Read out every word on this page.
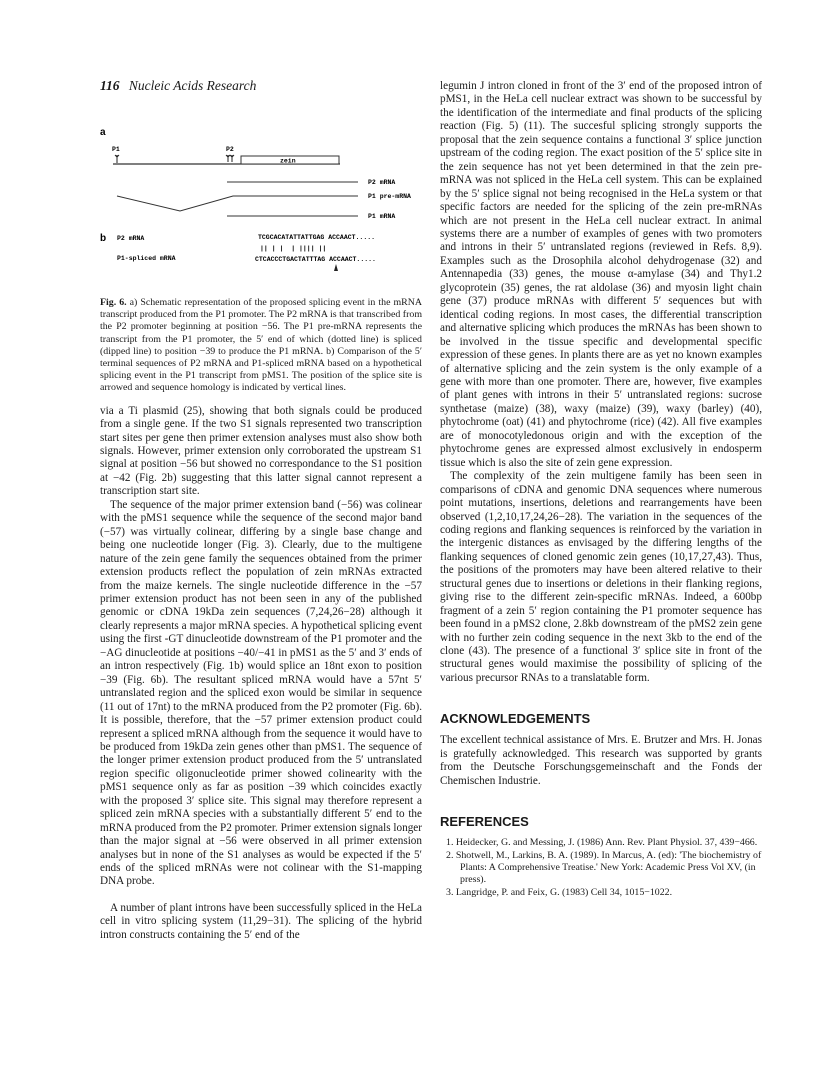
116 Nucleic Acids Research
a
P1	P2
zein
P2 mRNA
P1 pre-mRNA
P1 mRNA
b P2 mRNA
P1-spliced mRNA
TCGCACATATTATTGAG ACCAACT.....
|| | |  | |||| ||
CTCACCCTGACTATTTAG ACCAACT.....

Fig. 6. a) Schematic representation of the proposed splicing event in the mRNA transcript produced from the P1 promoter. The P2 mRNA is that transcribed from the P2 promoter beginning at position −56. The P1 pre-mRNA represents the transcript from the P1 promoter, the 5′ end of which (dotted line) is spliced (dipped line) to position −39 to produce the P1 mRNA. b) Comparison of the 5′ terminal sequences of P2 mRNA and P1-spliced mRNA based on a hypothetical splicing event in the P1 transcript from pMS1. The position of the splice site is arrowed and sequence homology is indicated by vertical lines.

via a Ti plasmid (25), showing that both signals could be produced from a single gene. If the two S1 signals represented two transcription start sites per gene then primer extension analyses must also show both signals. However, primer extension only corroborated the upstream S1 signal at position −56 but showed no correspondance to the S1 position at −42 (Fig. 2b) suggesting that this latter signal cannot represent a transcription start site.

The sequence of the major primer extension band (−56) was colinear with the pMS1 sequence while the sequence of the second major band (−57) was virtually colinear, differing by a single base change and being one nucleotide longer (Fig. 3). Clearly, due to the multigene nature of the zein gene family the sequences obtained from the primer extension products reflect the population of zein mRNAs extracted from the maize kernels. The single nucleotide difference in the −57 primer extension product has not been seen in any of the published genomic or cDNA 19kDa zein sequences (7,24,26−28) although it clearly represents a major mRNA species. A hypothetical splicing event using the first -GT dinucleotide downstream of the P1 promoter and the −AG dinucleotide at positions −40/−41 in pMS1 as the 5′ and 3′ ends of an intron respectively (Fig. 1b) would splice an 18nt exon to position −39 (Fig. 6b). The resultant spliced mRNA would have a 57nt 5′ untranslated region and the spliced exon would be similar in sequence (11 out of 17nt) to the mRNA produced from the P2 promoter (Fig. 6b). It is possible, therefore, that the −57 primer extension product could represent a spliced mRNA although from the sequence it would have to be produced from 19kDa zein genes other than pMS1. The sequence of the longer primer extension product produced from the 5′ untranslated region specific oligonucleotide primer showed colinearity with the pMS1 sequence only as far as position −39 which coincides exactly with the proposed 3′ splice site. This signal may therefore represent a spliced zein mRNA species with a substantially different 5′ end to the mRNA produced from the P2 promoter. Primer extension signals longer than the major signal at −56 were observed in all primer extension analyses but in none of the S1 analyses as would be expected if the 5′ ends of the spliced mRNAs were not colinear with the S1-mapping DNA probe.

A number of plant introns have been successfully spliced in the HeLa cell in vitro splicing system (11,29−31). The splicing of the hybrid intron constructs containing the 5′ end of the

legumin J intron cloned in front of the 3′ end of the proposed intron of pMS1, in the HeLa cell nuclear extract was shown to be successful by the identification of the intermediate and final products of the splicing reaction (Fig. 5) (11). The succesful splicing strongly supports the proposal that the zein sequence contains a functional 3′ splice junction upstream of the coding region. The exact position of the 5′ splice site in the zein sequence has not yet been determined in that the zein pre-mRNA was not spliced in the HeLa cell system. This can be explained by the 5′ splice signal not being recognised in the HeLa system or that specific factors are needed for the splicing of the zein pre-mRNAs which are not present in the HeLa cell nuclear extract. In animal systems there are a number of examples of genes with two promoters and introns in their 5′ untranslated regions (reviewed in Refs. 8,9). Examples such as the Drosophila alcohol dehydrogenase (32) and Antennapedia (33) genes, the mouse α-amylase (34) and Thy1.2 glycoprotein (35) genes, the rat aldolase (36) and myosin light chain gene (37) produce mRNAs with different 5′ sequences but with identical coding regions. In most cases, the differential transcription and alternative splicing which produces the mRNAs has been shown to be involved in the tissue specific and developmental specific expression of these genes. In plants there are as yet no known examples of alternative splicing and the zein system is the only example of a gene with more than one promoter. There are, however, five examples of plant genes with introns in their 5′ untranslated regions: sucrose synthetase (maize) (38), waxy (maize) (39), waxy (barley) (40), phytochrome (oat) (41) and phytochrome (rice) (42). All five examples are of monocotyledonous origin and with the exception of the phytochrome genes are expressed almost exclusively in endosperm tissue which is also the site of zein gene expression.

The complexity of the zein multigene family has been seen in comparisons of cDNA and genomic DNA sequences where numerous point mutations, insertions, deletions and rearrangements have been observed (1,2,10,17,24,26−28). The variation in the sequences of the coding regions and flanking sequences is reinforced by the variation in the intergenic distances as envisaged by the differing lengths of the flanking sequences of cloned genomic zein genes (10,17,27,43). Thus, the positions of the promoters may have been altered relative to their structural genes due to insertions or deletions in their flanking regions, giving rise to the different zein-specific mRNAs. Indeed, a 600bp fragment of a zein 5′ region containing the P1 promoter sequence has been found in a pMS2 clone, 2.8kb downstream of the pMS2 zein gene with no further zein coding sequence in the next 3kb to the end of the clone (43). The presence of a functional 3′ splice site in front of the structural genes would maximise the possibility of splicing of the various precursor RNAs to a translatable form.

ACKNOWLEDGEMENTS

The excellent technical assistance of Mrs. E. Brutzer and Mrs. H. Jonas is gratefully acknowledged. This research was supported by grants from the Deutsche Forschungsgemeinschaft and the Fonds der Chemischen Industrie.

REFERENCES
1. Heidecker, G. and Messing, J. (1986) Ann. Rev. Plant Physiol. 37, 439−466.
2. Shotwell, M., Larkins, B. A. (1989). In Marcus, A. (ed): 'The biochemistry of Plants: A Comprehensive Treatise.' New York: Academic Press Vol XV, (in press).
3. Langridge, P. and Feix, G. (1983) Cell 34, 1015−1022.
